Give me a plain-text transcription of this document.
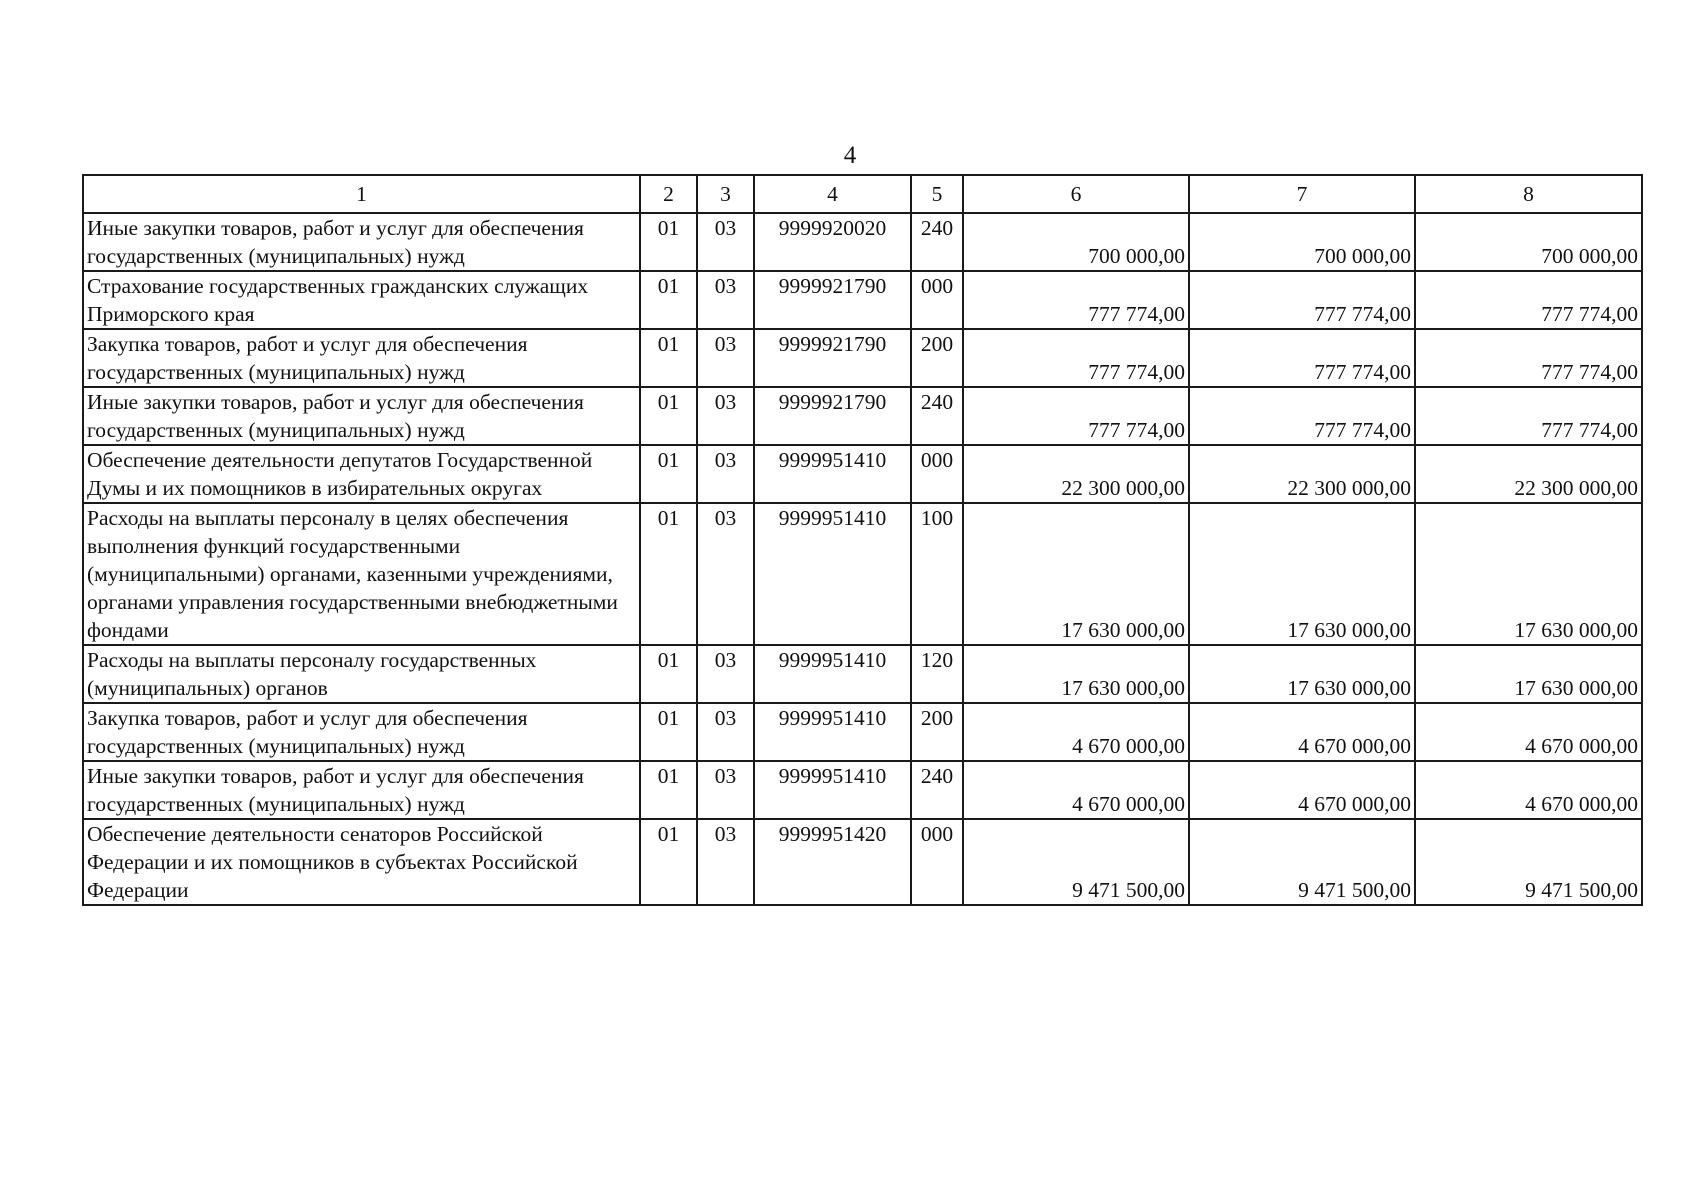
4
1	2	3	4	5	6	7	8
Иные закупки товаров, работ и услуг для обеспечения государственных (муниципальных) нужд	01	03	9999920020	240	700 000,00	700 000,00	700 000,00
Страхование государственных гражданских служащих Приморского края	01	03	9999921790	000	777 774,00	777 774,00	777 774,00
Закупка товаров, работ и услуг для обеспечения государственных (муниципальных) нужд	01	03	9999921790	200	777 774,00	777 774,00	777 774,00
Иные закупки товаров, работ и услуг для обеспечения государственных (муниципальных) нужд	01	03	9999921790	240	777 774,00	777 774,00	777 774,00
Обеспечение деятельности депутатов Государственной Думы и их помощников в избирательных округах	01	03	9999951410	000	22 300 000,00	22 300 000,00	22 300 000,00
Расходы на выплаты персоналу в целях обеспечения выполнения функций государственными (муниципальными) органами, казенными учреждениями, органами управления государственными внебюджетными фондами	01	03	9999951410	100	17 630 000,00	17 630 000,00	17 630 000,00
Расходы на выплаты персоналу государственных (муниципальных) органов	01	03	9999951410	120	17 630 000,00	17 630 000,00	17 630 000,00
Закупка товаров, работ и услуг для обеспечения государственных (муниципальных) нужд	01	03	9999951410	200	4 670 000,00	4 670 000,00	4 670 000,00
Иные закупки товаров, работ и услуг для обеспечения государственных (муниципальных) нужд	01	03	9999951410	240	4 670 000,00	4 670 000,00	4 670 000,00
Обеспечение деятельности сенаторов Российской Федерации и их помощников в субъектах Российской Федерации	01	03	9999951420	000	9 471 500,00	9 471 500,00	9 471 500,00
